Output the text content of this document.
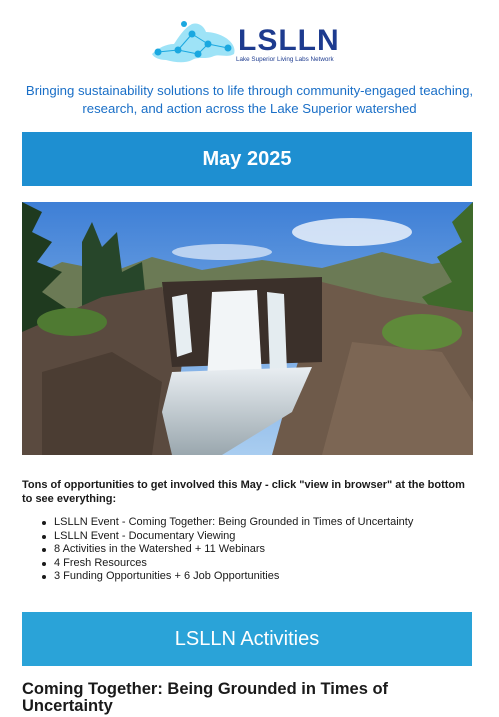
LSLLN
Lake Superior Living Labs Network
Bringing sustainability solutions to life through community-engaged teaching, research, and action across the Lake Superior watershed
May 2025
Tons of opportunities to get involved this May - click "view in browser" at the bottom to see everything:
LSLLN Event - Coming Together: Being Grounded in Times of Uncertainty
LSLLN Event - Documentary Viewing
8 Activities in the Watershed + 11 Webinars
4 Fresh Resources
3 Funding Opportunities + 6 Job Opportunities
LSLLN Activities
Coming Together: Being Grounded in Times of Uncertainty
